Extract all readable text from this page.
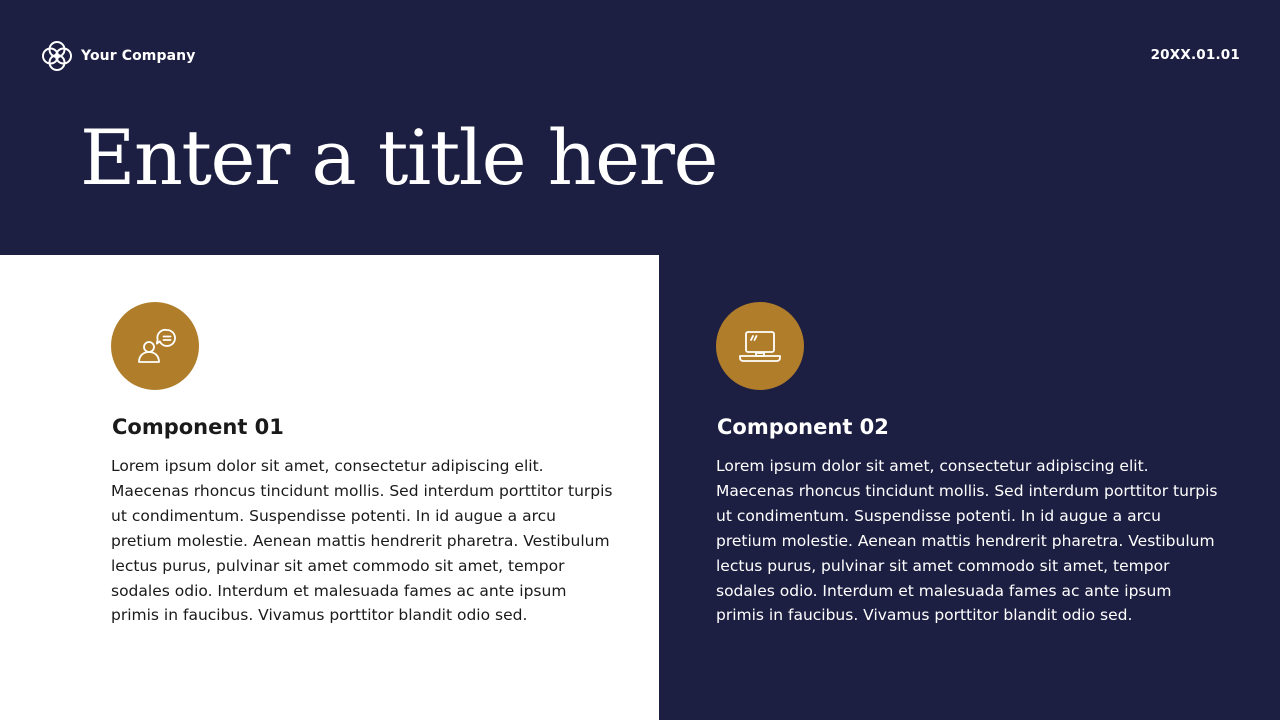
Your Company	20XX.01.01
Enter a title here
Component 01

Lorem ipsum dolor sit amet, consectetur adipiscing elit. Maecenas rhoncus tincidunt mollis. Sed interdum porttitor turpis ut condimentum. Suspendisse potenti. In id augue a arcu pretium molestie. Aenean mattis hendrerit pharetra. Vestibulum lectus purus, pulvinar sit amet commodo sit amet, tempor sodales odio. Interdum et malesuada fames ac ante ipsum primis in faucibus. Vivamus porttitor blandit odio sed.

Component 02

Lorem ipsum dolor sit amet, consectetur adipiscing elit. Maecenas rhoncus tincidunt mollis. Sed interdum porttitor turpis ut condimentum. Suspendisse potenti. In id augue a arcu pretium molestie. Aenean mattis hendrerit pharetra. Vestibulum lectus purus, pulvinar sit amet commodo sit amet, tempor sodales odio. Interdum et malesuada fames ac ante ipsum primis in faucibus. Vivamus porttitor blandit odio sed.
